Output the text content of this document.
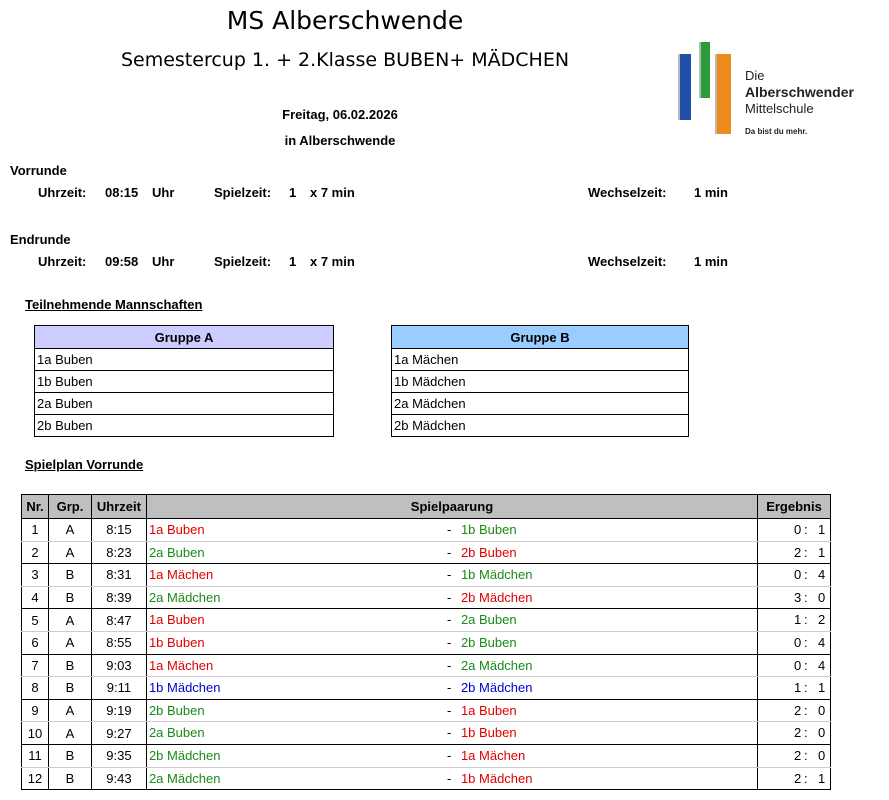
MS Alberschwende
Semestercup 1. + 2.Klasse BUBEN+ MÄDCHEN
Freitag, 06.02.2026
in Alberschwende
Die
Alberschwender
Mittelschule
Da bist du mehr.
Vorrunde
Uhrzeit: 08:15 Uhr	Spielzeit: 1 x 7 min	Wechselzeit: 1 min
Endrunde
Uhrzeit: 09:58 Uhr	Spielzeit: 1 x 7 min	Wechselzeit: 1 min
Teilnehmende Mannschaften
Gruppe A
1a Buben
1b Buben
2a Buben
2b Buben
Gruppe B
1a Mächen
1b Mädchen
2a Mädchen
2b Mädchen
Spielplan Vorrunde
Nr.	Grp.	Uhrzeit	Spielpaarung	Ergebnis
1	A	8:15	1a Buben - 1b Buben	0 : 1

2	A	8:23	2a Buben - 2b Buben	2 : 1

3	B	8:31	1a Mächen - 1b Mädchen	0 : 4

4	B	8:39	2a Mädchen - 2b Mädchen	3 : 0

5	A	8:47	1a Buben - 2a Buben	1 : 2

6	A	8:55	1b Buben - 2b Buben	0 : 4

7	B	9:03	1a Mächen - 2a Mädchen	0 : 4

8	B	9:11	1b Mädchen - 2b Mädchen	1 : 1

9	A	9:19	2b Buben - 1a Buben	2 : 0

10	A	9:27	2a Buben - 1b Buben	2 : 0

11	B	9:35	2b Mädchen - 1a Mächen	2 : 0

12	B	9:43	2a Mädchen - 1b Mädchen	2 : 1
